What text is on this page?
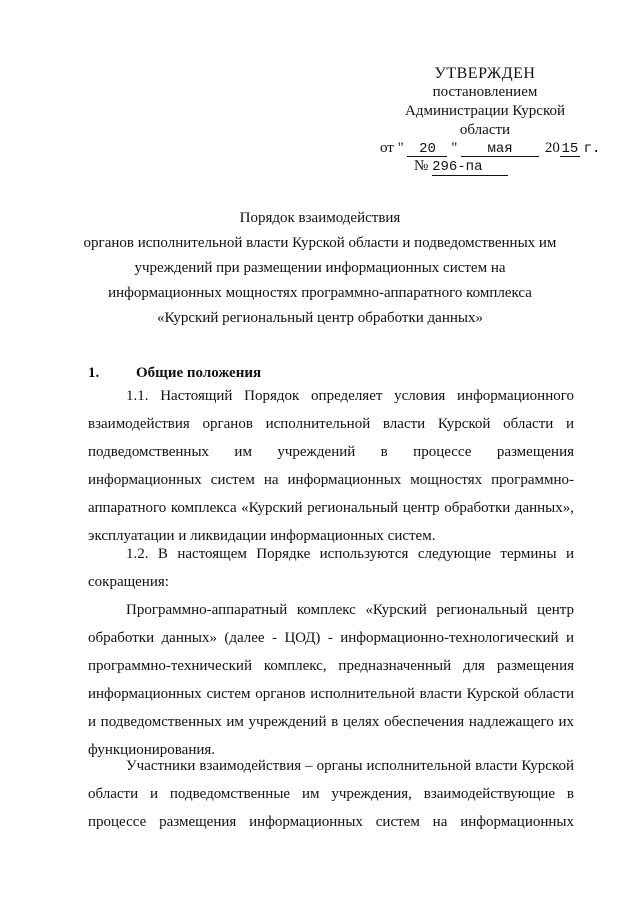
УТВЕРЖДЕН
постановлением
Администрации Курской
области
от " 20 " мая 20 15 г.
№ 296-па
Порядок взаимодействия
органов исполнительной власти Курской области и подведомственных им
учреждений при размещении информационных систем на
информационных мощностях программно-аппаратного комплекса
«Курский региональный центр обработки данных»
1. Общие положения
1.1. Настоящий Порядок определяет условия информационного
взаимодействия органов исполнительной власти Курской области и
подведомственных им учреждений в процессе размещения
информационных систем на информационных мощностях программно-
аппаратного комплекса «Курский региональный центр обработки данных»,
эксплуатации и ликвидации информационных систем.
1.2. В настоящем Порядке используются следующие термины и
сокращения:
Программно-аппаратный комплекс «Курский региональный центр
обработки данных» (далее - ЦОД) - информационно-технологический и
программно-технический комплекс, предназначенный для размещения
информационных систем органов исполнительной власти Курской области
и подведомственных им учреждений в целях обеспечения надлежащего их
функционирования.
Участники взаимодействия – органы исполнительной власти Курской
области и подведомственные им учреждения, взаимодействующие в
процессе размещения информационных систем на информационных
